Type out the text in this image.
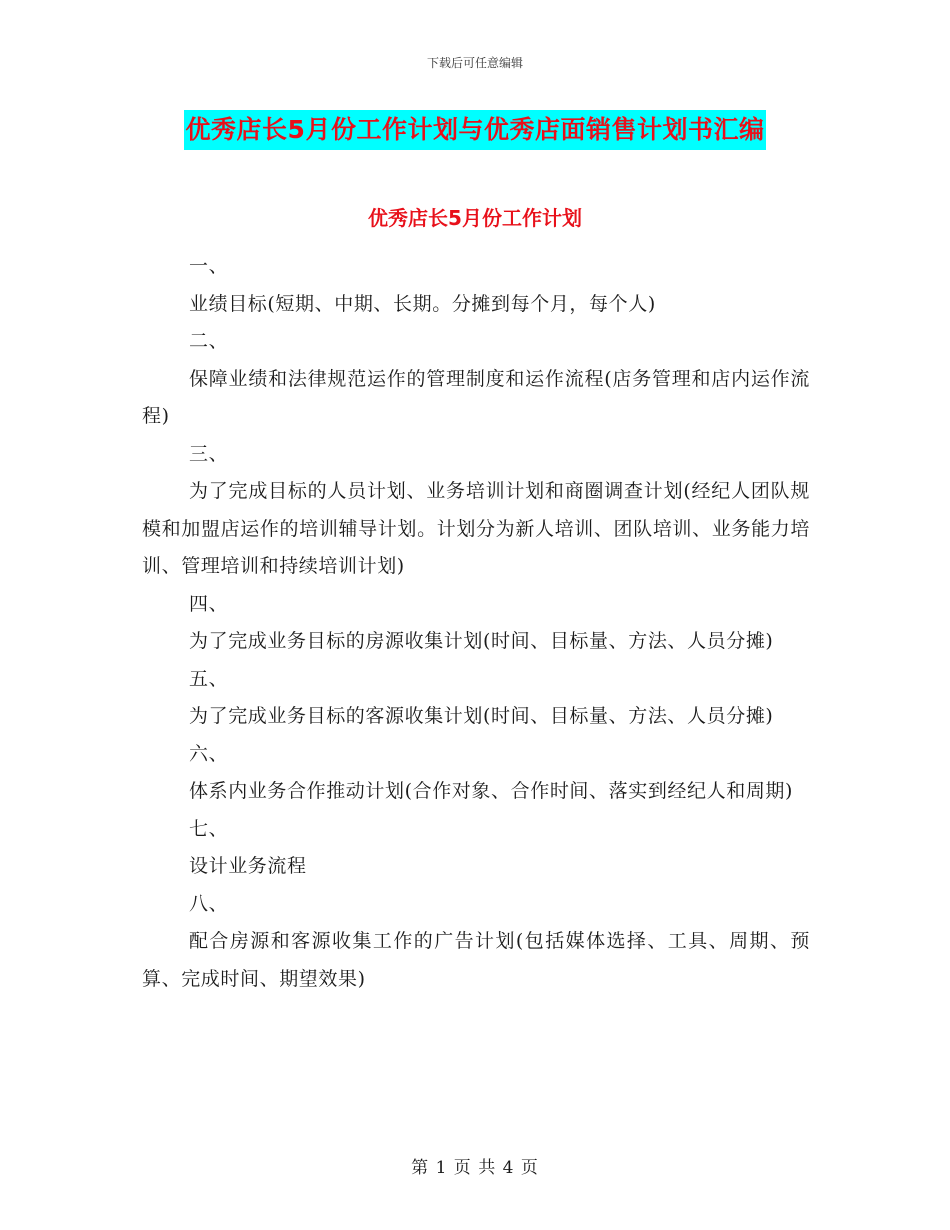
下载后可任意编辑
优秀店长5月份工作计划与优秀店面销售计划书汇编
优秀店长5月份工作计划

一、

业绩目标(短期、中期、长期。分摊到每个月，每个人)

二、

保障业绩和法律规范运作的管理制度和运作流程(店务管理和店内运作流程)

三、

为了完成目标的人员计划、业务培训计划和商圈调查计划(经纪人团队规模和加盟店运作的培训辅导计划。计划分为新人培训、团队培训、业务能力培训、管理培训和持续培训计划)

四、

为了完成业务目标的房源收集计划(时间、目标量、方法、人员分摊)

五、

为了完成业务目标的客源收集计划(时间、目标量、方法、人员分摊)

六、

体系内业务合作推动计划(合作对象、合作时间、落实到经纪人和周期)

七、

设计业务流程

八、

配合房源和客源收集工作的广告计划(包括媒体选择、工具、周期、预算、完成时间、期望效果)

第 1 页 共 4 页
